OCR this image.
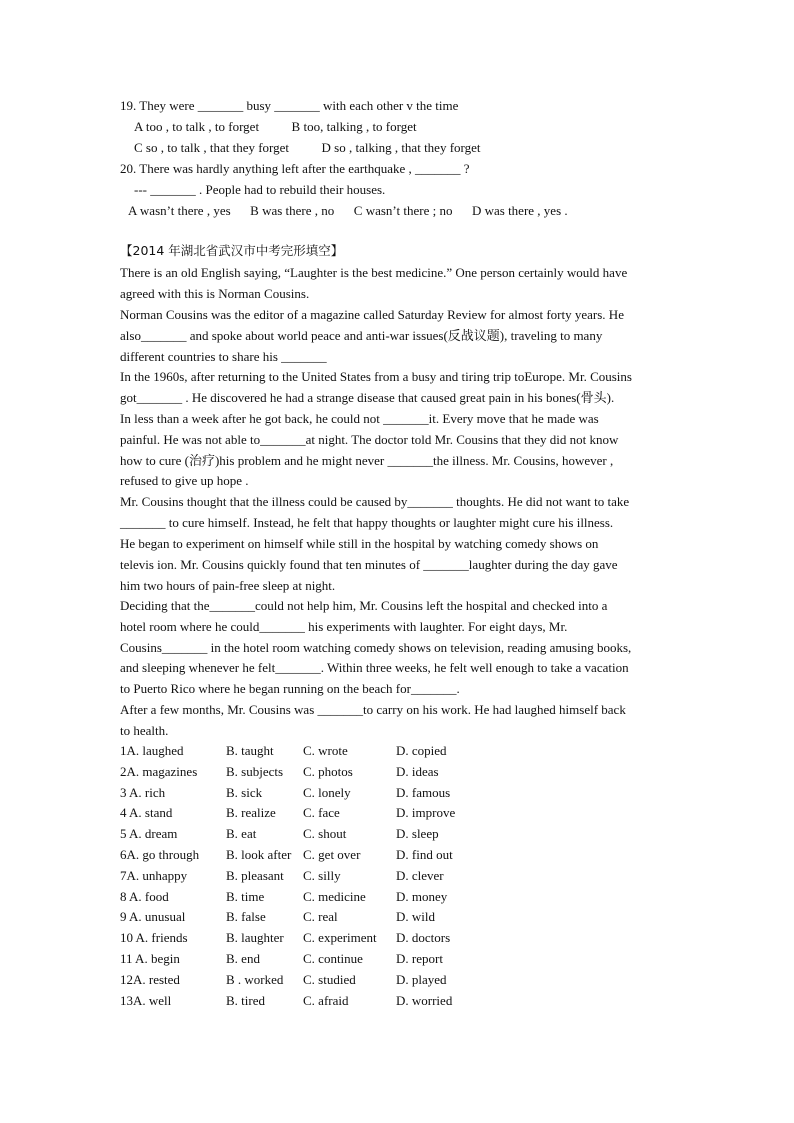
19. They were _______ busy _______ with each other v the time
A too , to talk , to forget          B too, talking , to forget
C so , to talk , that they forget          D so , talking , that they forget
20. There was hardly anything left after the earthquake , _______ ?
--- _______ . People had to rebuild their houses.
A wasn’t there , yes      B was there , no      C wasn’t there ; no      D was there , yes .
【2014 年湖北省武汉市中考完形填空】
There is an old English saying, “Laughter is the best medicine.” One person certainly would have
agreed with this is Norman Cousins.
Norman Cousins was the editor of a magazine called Saturday Review for almost forty years. He
also_______ and spoke about world peace and anti-war issues(反战议题), traveling to many
different countries to share his _______
In the 1960s, after returning to the United States from a busy and tiring trip toEurope. Mr. Cousins
got_______ . He discovered he had a strange disease that caused great pain in his bones(骨头).
In less than a week after he got back, he could not _______it. Every move that he made was
painful. He was not able to_______at night. The doctor told Mr. Cousins that they did not know
how to cure (治疗)his problem and he might never _______the illness. Mr. Cousins, however ,
refused to give up hope .
Mr. Cousins thought that the illness could be caused by_______ thoughts. He did not want to take
_______ to cure himself. Instead, he felt that happy thoughts or laughter might cure his illness.
He began to experiment on himself while still in the hospital by watching comedy shows on
televis ion. Mr. Cousins quickly found that ten minutes of _______laughter during the day gave
him two hours of pain-free sleep at night.
Deciding that the_______could not help him, Mr. Cousins left the hospital and checked into a
hotel room where he could_______ his experiments with laughter. For eight days, Mr.
Cousins_______ in the hotel room watching comedy shows on television, reading amusing books,
and sleeping whenever he felt_______. Within three weeks, he felt well enough to take a vacation
to Puerto Rico where he began running on the beach for_______.
After a few months, Mr. Cousins was _______to carry on his work. He had laughed himself back
to health.
1A. laughed	B. taught C. wrote	D. copied
2A. magazines B. subjects C. photos	D. ideas
3 A. rich	B. sick	C. lonely	D. famous
4 A. stand	B. realize C. face	D. improve
5 A. dream	B. eat	C. shout	D. sleep
6A. go through B. look after C. get over	D. find out
7A. unhappy	B. pleasant C. silly	D. clever
8 A. food	B. time	C. medicine D. money
9 A. unusual	B. false	C. real	D. wild
10 A. friends	B. laughter C. experiment D. doctors
11 A. begin	B. end	C. continue	D. report
12A. rested	B . worked C. studied	D. played
13A. well	B. tired	C. afraid	D. worried
